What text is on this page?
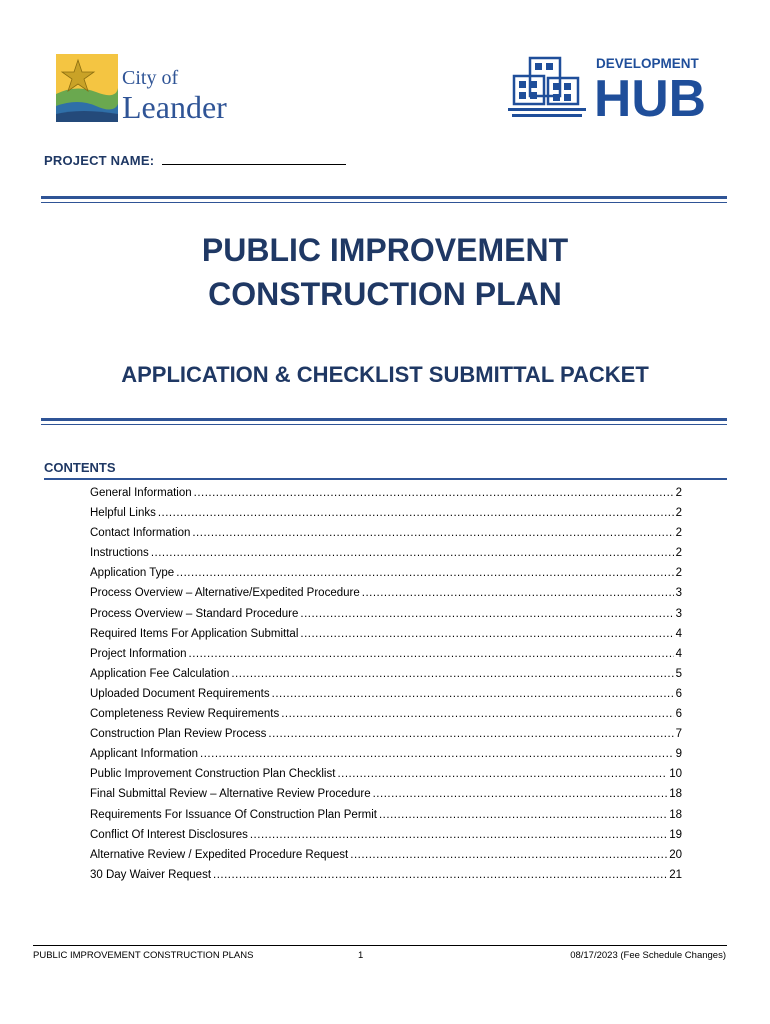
City of
Leander
DEVELOPMENT
HUB
PROJECT NAME:
PUBLIC IMPROVEMENT
CONSTRUCTION PLAN
APPLICATION & CHECKLIST SUBMITTAL PACKET
CONTENTS
General Information .....	2
Helpful Links .....	2
Contact Information .....	2
Instructions .....	2
Application Type .....	2
Process Overview – Alternative/Expedited Procedure .....	3
Process Overview – Standard Procedure .....	3
Required Items For Application Submittal .....	4
Project Information .....	4
Application Fee Calculation .....	5
Uploaded Document Requirements .....	6
Completeness Review Requirements .....	6
Construction Plan Review Process .....	7
Applicant Information .....	9
Public Improvement Construction Plan Checklist .....	10
Final Submittal Review – Alternative Review Procedure .....	18
Requirements For Issuance Of Construction Plan Permit .....	18
Conflict Of Interest Disclosures .....	19
Alternative Review / Expedited Procedure Request .....	20
30 Day Waiver Request .....	21
PUBLIC IMPROVEMENT CONSTRUCTION PLANS	1	08/17/2023 (Fee Schedule Changes)
